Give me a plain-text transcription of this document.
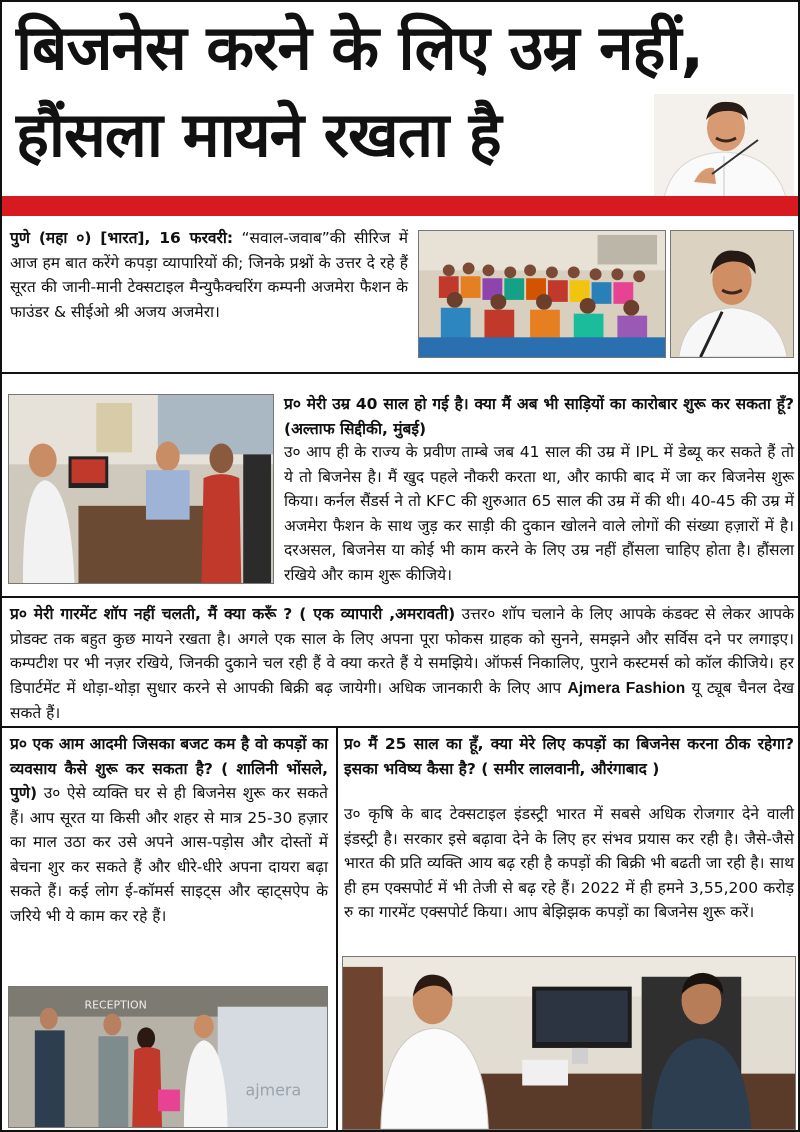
बिजनेस करने के लिए उम्र नहीं,
हौंसला मायने रखता है
पुणे (महा ०) [भारत], 16 फरवरी: “सवाल-जवाब”की सीरिज में आज हम बात करेंगे कपड़ा व्यापारियों की; जिनके प्रश्नों के उत्तर दे रहे हैं सूरत की जानी-मानी टेक्सटाइल मैन्युफैक्चरिंग कम्पनी अजमेरा फैशन के फाउंडर & सीईओ श्री अजय अजमेरा।
प्र० मेरी उम्र 40 साल हो गई है। क्या मैं अब भी साड़ियों का कारोबार शुरू कर सकता हूँ? (अल्ताफ सिद्दीकी, मुंबई)
उ० आप ही के राज्य के प्रवीण ताम्बे जब 41 साल की उम्र में IPL में डेब्यू कर सकते हैं तो ये तो बिजनेस है। मैं खुद पहले नौकरी करता था, और काफी बाद में जा कर बिजनेस शुरू किया। कर्नल सैंडर्स ने तो KFC की शुरुआत 65 साल की उम्र में की थी। 40-45 की उम्र में अजमेरा फैशन के साथ जुड़ कर साड़ी की दुकान खोलने वाले लोगों की संख्या हज़ारों में है। दरअसल, बिजनेस या कोई भी काम करने के लिए उम्र नहीं हौंसला चाहिए होता है। हौंसला रखिये और काम शुरू कीजिये।
प्र० मेरी गारमेंट शॉप नहीं चलती, मैं क्या करूँ ? ( एक व्यापारी ,अमरावती) उत्तर० शॉप चलाने के लिए आपके कंडक्ट से लेकर आपके प्रोडक्ट तक बहुत कुछ मायने रखता है। अगले एक साल के लिए अपना पूरा फोकस ग्राहक को सुनने, समझने और सर्विस दने पर लगाइए। कम्पटीश पर भी नज़र रखिये, जिनकी दुकाने चल रही हैं वे क्या करते हैं ये समझिये। ऑफर्स निकालिए, पुराने कस्टमर्स को कॉल कीजिये। हर डिपार्टमेंट में थोड़ा-थोड़ा सुधार करने से आपकी बिक्री बढ़ जायेगी। अधिक जानकारी के लिए आप Ajmera Fashion यू ट्यूब चैनल देख सकते हैं।
प्र० एक आम आदमी जिसका बजट कम है वो कपड़ों का व्यवसाय कैसे शुरू कर सकता है? ( शालिनी भोंसले, पुणे) उ० ऐसे व्यक्ति घर से ही बिजनेस शुरू कर सकते हैं। आप सूरत या किसी और शहर से मात्र 25-30 हज़ार का माल उठा कर उसे अपने आस-पड़ोस और दोस्तों में बेचना शुर कर सकते हैं और धीरे-धीरे अपना दायरा बढ़ा सकते हैं। कई लोग ई-कॉमर्स साइट्स और व्हाट्सऐप के जरिये भी ये काम कर रहे हैं।
प्र० मैं 25 साल का हूँ, क्या मेरे लिए कपड़ों का बिजनेस करना ठीक रहेगा? इसका भविष्य कैसा है? ( समीर लालवानी, औरंगाबाद )
उ० कृषि के बाद टेक्सटाइल इंडस्ट्री भारत में सबसे अधिक रोजगार देने वाली इंडस्ट्री है। सरकार इसे बढ़ावा देने के लिए हर संभव प्रयास कर रही है। जैसे-जैसे भारत की प्रति व्यक्ति आय बढ़ रही है कपड़ों की बिक्री भी बढती जा रही है। साथ ही हम एक्सपोर्ट में भी तेजी से बढ़ रहे हैं। 2022 में ही हमने 3,55,200 करोड़ रु का गारमेंट एक्सपोर्ट किया। आप बेझिझक कपड़ों का बिजनेस शुरू करें।
RECEPTION
ajmera
